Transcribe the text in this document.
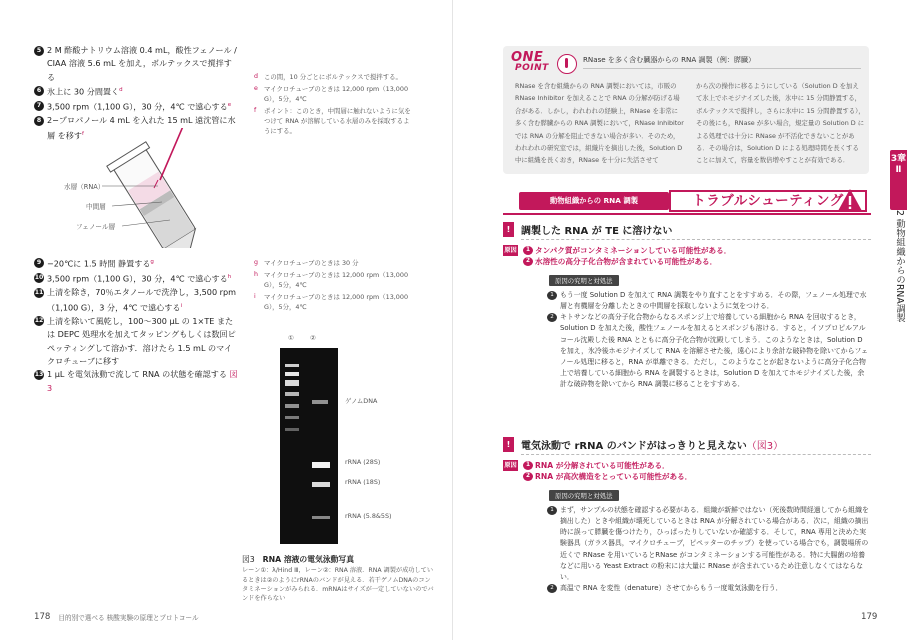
5 2 M 酢酸ナトリウム溶液 0.4 mL，酸性フェノール / CIAA 溶液 5.6 mL を加え，ボルテックスで撹拌する
6 氷上に 30 分間置く$^d$
7 3,500 rpm（1,100 G），30 分，4℃ で遠心する$^e$
8 2−プロパノール 4 mL を入れた 15 mL 遠沈管に水層 を移す$^f$
d この間，10 分ごとにボルテックスで撹拌する。
e マイクロチューブのときは 12,000 rpm（13,000 G），5分，4℃
f	ポイント：このとき，中間層に触れないように気をつけて RNA が溶解している水層のみを採取するようにする。
水層（RNA）
中間層
フェノール層
9 −20℃に 1.5 時間 静置する$^g$
10 3,500 rpm（1,100 G），30 分，4℃ で遠心する$^h$
11 上清を除き，70％エタノールで洗浄し，3,500 rpm（1,100 G），3 分，4℃ で遠心する$^i$
12 上清を除いて風乾し，100〜300 μL の 1×TE または DEPC 処理水を加えてタッピングもしくは数回ピペッティングして溶かす．溶けたら 1.5 mL のマイクロチューブに移す
13 1 μL を電気泳動で流して RNA の状態を確認する 図3
g マイクロチューブのときは 30 分
h マイクロチューブのときは 12,000 rpm（13,000 G），5分，4℃
i	マイクロチューブのときは 12,000 rpm（13,000 G），5分，4℃
① ②
ゲノムDNA
rRNA (28S)
rRNA (18S)
rRNA (5.8&5S)
図3　 RNA 溶液の電気泳動写真
レーン①：λ/Hind Ⅲ，レーン②：RNA 溶液．RNA 調製が成功しているときは②のようにrRNAのバンドが見える．若干ゲノムDNAのコンタミネーションがみられる．mRNAはサイズが一定していないのでバンドを作らない
178 目的別で選べる 核酸実験の原理とプロトコール
ONE
POINT
RNase を多く含む臓器からの RNA 調製（例：膵臓）
RNase を含む組織からの RNA 調製においては，市販の RNase Inhibitor を加えることで RNA の分解が防げる場合がある．しかし，われわれの経験上，RNase を非常に多く含む膵臓からの RNA 調製において，RNase Inhibitor では RNA の分解を阻止できない場合が多い．そのため，われわれの研究室では，組織片を摘出した後，Solution D 中に組織を長くおき，RNase を十分に失活させて
から次の操作に移るようにしている（Solution D を加えて氷上でホモジナイズした後，氷中に 15 分間静置する，ボルテックスで撹拌し，さらに氷中に 15 分間静置する），その後にも，RNase が多い場合，規定量の Solution D による処理では十分に RNase が不活化できないことがある．その場合は，Solution D による処理時間を長くすることに加えて，容量を数倍増やすことが有効である．	3章Ⅱ
2 動物組織からのRNA調製
動物組織からの RNA 調製	トラブルシューティング
!	調製した RNA が TE に溶けない
原因	1 タンパク質がコンタミネーションしている可能性がある．
2 水溶性の高分子化合物が含まれている可能性がある．
原因の究明と対処法
1 もう一度 Solution D を加えて RNA 調製をやり直すことをすすめる．その際，フェノール処理で水層と有機層を分離したときの中間層を採取しないように気をつける．
2 キトサンなどの高分子化合物からなるスポンジ上で培養している細胞から RNA を回収するとき，Solution D を加えた後，酸性フェノールを加えるとスポンジも溶ける．すると，イソプロピルアルコール沈殿した後 RNA とともに高分子化合物が沈殿してしまう．このようなときは，Solution D を加え，氷冷後ホモジナイズして RNA を溶解させた後，遠心により余計な破砕物を除いてからフェノール処理に移ると，RNA が単離できる．ただし，このようなことが起きないように高分子化合物上で培養している細胞から RNA を調製するときは，Solution D を加えてホモジナイズした後，余計な破砕物を除いてから RNA 調製に移ることをすすめる．
!	電気泳動で rRNA のバンドがはっきりと見えない（図3）
原因	1 RNA が分解されている可能性がある．
2 RNA が高次構造をとっている可能性がある．
原因の究明と対処法
1 まず，サンプルの状態を確認する必要がある．組織が新鮮ではない（死後数時間経過してから組織を摘出した）ときや組織が壊死しているときは RNA が分解されている場合がある．次に，組織の摘出時に誤って膵臓を傷つけたり，ひっぱったりしていないか確認する．そして，RNA 専用と決めた実験器具（ガラス器具，マイクロチューブ，ピペッターのチップ）を使っている場合でも，調製場所の近くで RNase を用いているとRNase がコンタミネーションする可能性がある．特に大腸菌の培養などに用いる Yeast Extract の粉末には大量に RNase が含まれているため注意しなくてはならない．
2 高温で RNA を変性（denature）させてからもう一度電気泳動を行う．
179
